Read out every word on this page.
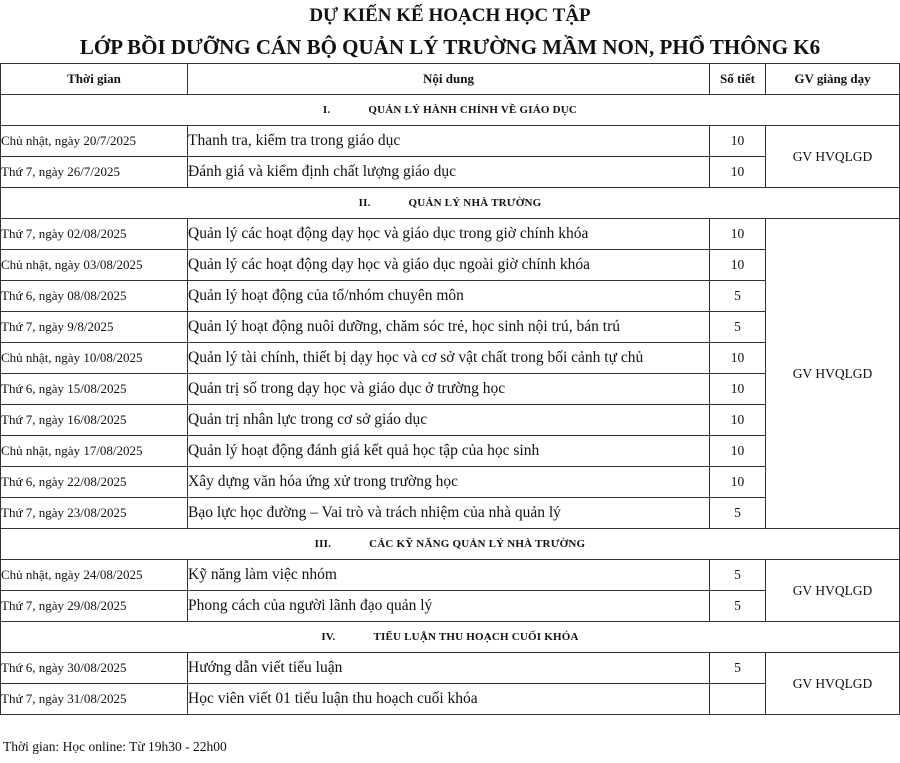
DỰ KIẾN KẾ HOẠCH HỌC TẬP
LỚP BỒI DƯỠNG CÁN BỘ QUẢN LÝ TRƯỜNG MẦM NON, PHỔ THÔNG K6
Thời gian	Nội dung	Số tiết	GV giảng dạy
I. QUẢN LÝ HÀNH CHÍNH VỀ GIÁO DỤC			
Chủ nhật, ngày 20/7/2025	Thanh tra, kiểm tra trong giáo dục	10	GV HVQLGD
Thứ 7, ngày 26/7/2025	Đánh giá và kiểm định chất lượng giáo dục	10	
II. QUẢN LÝ NHÀ TRƯỜNG			
Thứ 7, ngày 02/08/2025	Quản lý các hoạt động dạy học và giáo dục trong giờ chính khóa	10	GV HVQLGD
Chủ nhật, ngày 03/08/2025	Quản lý các hoạt động dạy học và giáo dục ngoài giờ chính khóa	10	
Thứ 6, ngày 08/08/2025	Quản lý hoạt động của tổ/nhóm chuyên môn	5	
Thứ 7, ngày 9/8/2025	Quản lý hoạt động nuôi dưỡng, chăm sóc trẻ, học sinh nội trú, bán trú	5	
Chủ nhật, ngày 10/08/2025	Quản lý tài chính, thiết bị dạy học và cơ sở vật chất trong bối cảnh tự chủ	10	
Thứ 6, ngày 15/08/2025	Quản trị số trong dạy học và giáo dục ở trường học	10	
Thứ 7, ngày 16/08/2025	Quản trị nhân lực trong cơ sở giáo dục	10	
Chủ nhật, ngày 17/08/2025	Quản lý hoạt động đánh giá kết quả học tập của học sinh	10	
Thứ 6, ngày 22/08/2025	Xây dựng văn hóa ứng xử trong trường học	10	
Thứ 7, ngày 23/08/2025	Bạo lực học đường – Vai trò và trách nhiệm của nhà quản lý	5	
III. CÁC KỸ NĂNG QUẢN LÝ NHÀ TRƯỜNG			
Chủ nhật, ngày 24/08/2025	Kỹ năng làm việc nhóm	5	GV HVQLGD
Thứ 7, ngày 29/08/2025	Phong cách của người lãnh đạo quản lý	5	
IV. TIỂU LUẬN THU HOẠCH CUỐI KHÓA			
Thứ 6, ngày 30/08/2025	Hướng dẫn viết tiểu luận	5	GV HVQLGD
Thứ 7, ngày 31/08/2025	Học viên viết 01 tiểu luận thu hoạch cuối khóa		
Thời gian: Học online: Từ 19h30 - 22h00
